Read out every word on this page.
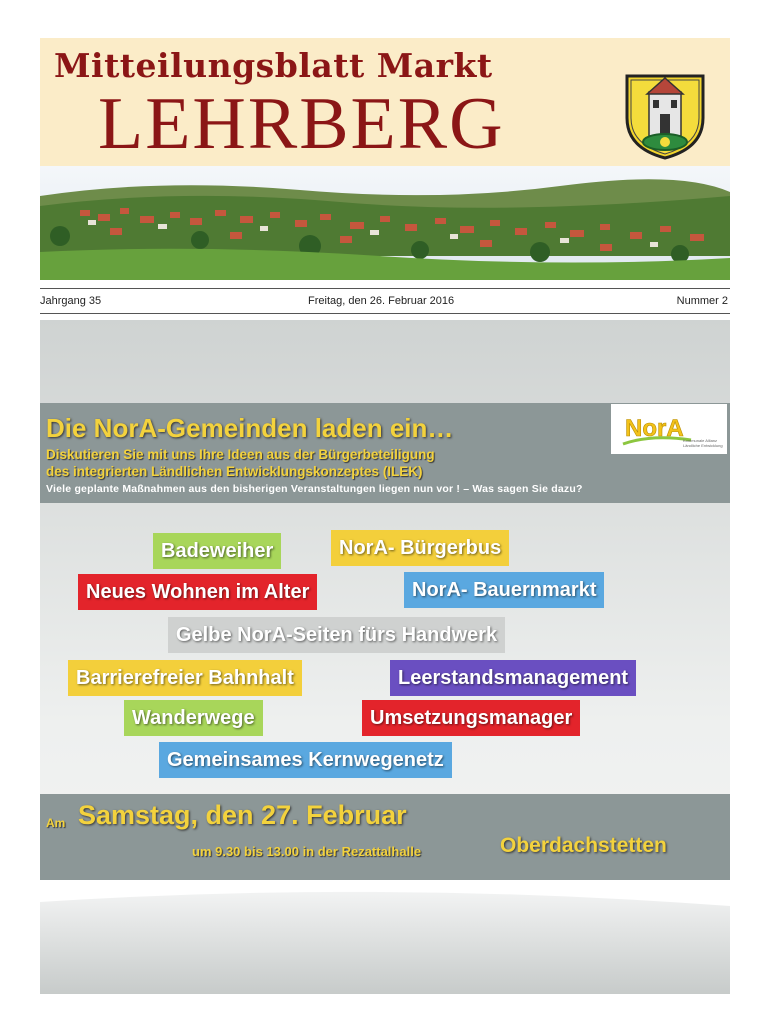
Mitteilungsblatt Markt
LEHRBERG
Jahrgang 35	Freitag, den 26. Februar 2016	Nummer 2
Die NorA-Gemeinden laden ein…
Diskutieren Sie mit uns Ihre Ideen aus der Bürgerbeteiligung
des integrierten Ländlichen Entwicklungskonzeptes (ILEK)
Viele geplante Maßnahmen aus den bisherigen Veranstaltungen liegen nun vor ! – Was sagen Sie dazu?
NorA Kommunale Allianz
Ländliche Entwicklung
Badeweiher	NorA- Bürgerbus
Neues Wohnen im Alter	NorA- Bauernmarkt
Gelbe NorA-Seiten fürs Handwerk
Barrierefreier Bahnhalt	Leerstandsmanagement
Wanderwege	Umsetzungsmanager
Gemeinsames Kernwegenetz
Am Samstag, den 27. Februar
um 9.30 bis 13.00 in der Rezattalhalle	Oberdachstetten
